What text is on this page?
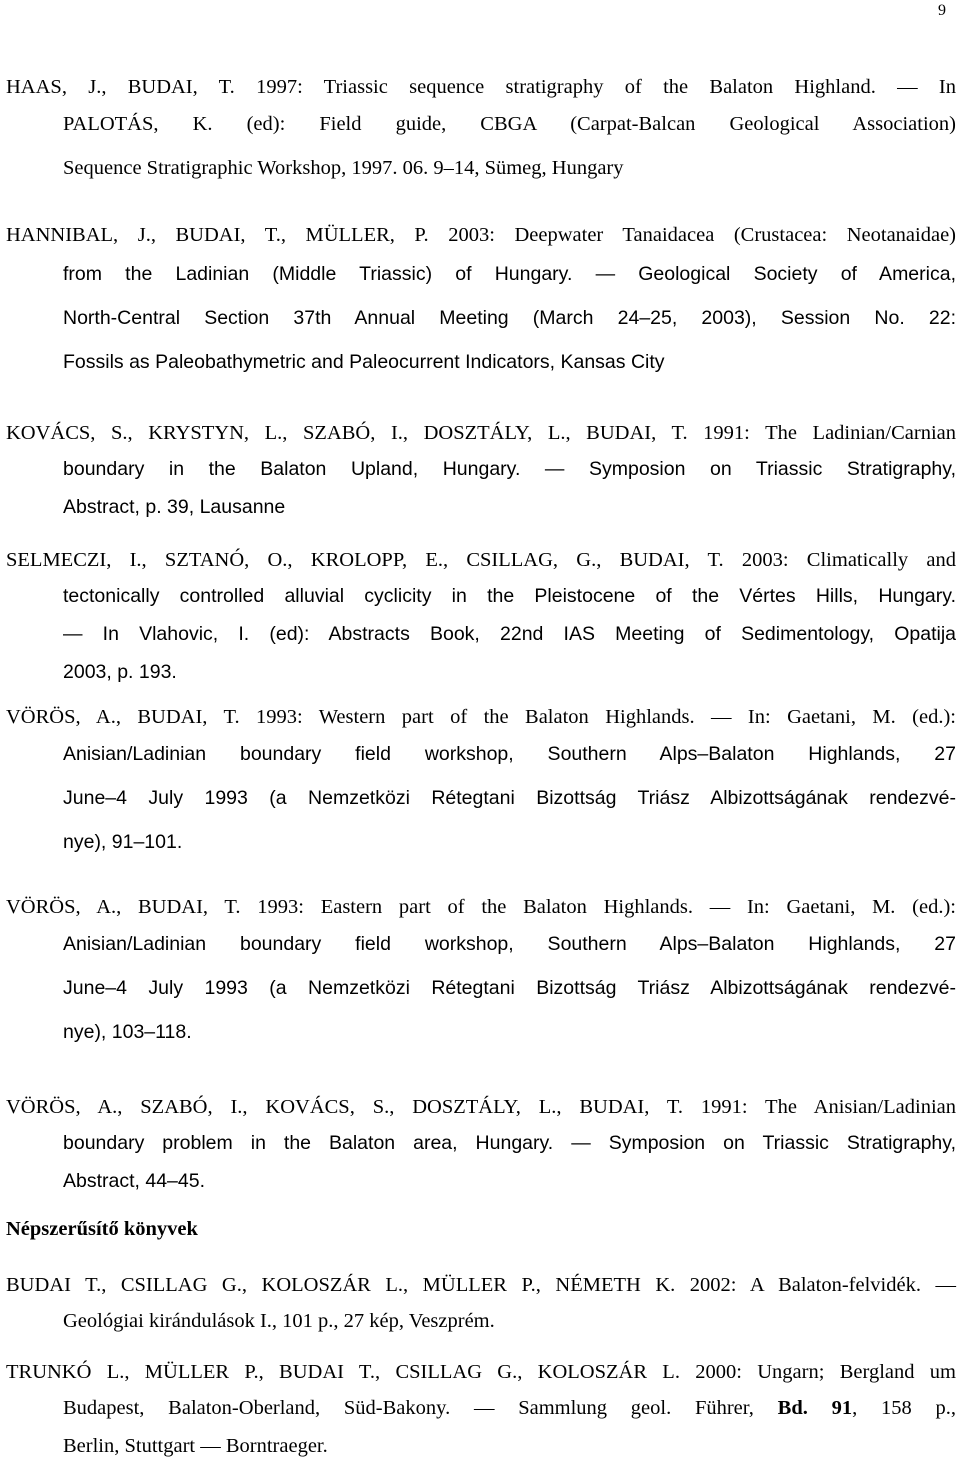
9
HAAS, J., BUDAI, T. 1997: Triassic sequence stratigraphy of the Balaton Highland. — In
PALOTÁS, K. (ed): Field guide, CBGA (Carpat-Balcan Geological Association)
Sequence Stratigraphic Workshop, 1997. 06. 9–14, Sümeg, Hungary
HANNIBAL, J., BUDAI, T., MÜLLER, P. 2003: Deepwater Tanaidacea (Crustacea: Neotanaidae)
from the Ladinian (Middle Triassic) of Hungary. — Geological Society of America,
North-Central Section 37th Annual Meeting (March 24–25, 2003), Session No. 22:
Fossils as Paleobathymetric and Paleocurrent Indicators, Kansas City
KOVÁCS, S., KRYSTYN, L., SZABÓ, I., DOSZTÁLY, L., BUDAI, T. 1991: The Ladinian/Carnian
boundary in the Balaton Upland, Hungary. — Symposion on Triassic Stratigraphy,
Abstract, p. 39, Lausanne
SELMECZI, I., SZTANÓ, O., KROLOPP, E., CSILLAG, G., BUDAI, T. 2003: Climatically and
tectonically controlled alluvial cyclicity in the Pleistocene of the Vértes Hills, Hungary.
— In Vlahovic, I. (ed): Abstracts Book, 22nd IAS Meeting of Sedimentology, Opatija
2003, p. 193.
VÖRÖS, A., BUDAI, T. 1993: Western part of the Balaton Highlands. — In: Gaetani, M. (ed.):
Anisian/Ladinian boundary field workshop, Southern Alps–Balaton Highlands, 27
June–4 July 1993 (a Nemzetközi Rétegtani Bizottság Triász Albizottságának rendezvé-
nye), 91–101.
VÖRÖS, A., BUDAI, T. 1993: Eastern part of the Balaton Highlands. — In: Gaetani, M. (ed.):
Anisian/Ladinian boundary field workshop, Southern Alps–Balaton Highlands, 27
June–4 July 1993 (a Nemzetközi Rétegtani Bizottság Triász Albizottságának rendezvé-
nye), 103–118.
VÖRÖS, A., SZABÓ, I., KOVÁCS, S., DOSZTÁLY, L., BUDAI, T. 1991: The Anisian/Ladinian
boundary problem in the Balaton area, Hungary. — Symposion on Triassic Stratigraphy,
Abstract, 44–45.
Népszerűsítő könyvek
BUDAI T., CSILLAG G., KOLOSZÁR L., MÜLLER P., NÉMETH K. 2002: A Balaton-felvidék. —
Geológiai kirándulások I., 101 p., 27 kép, Veszprém.
TRUNKÓ L., MÜLLER P., BUDAI T., CSILLAG G., KOLOSZÁR L. 2000: Ungarn; Bergland um
Budapest, Balaton-Oberland, Süd-Bakony. — Sammlung geol. Führer, Bd. 91, 158 p.,
Berlin, Stuttgart — Borntraeger.
